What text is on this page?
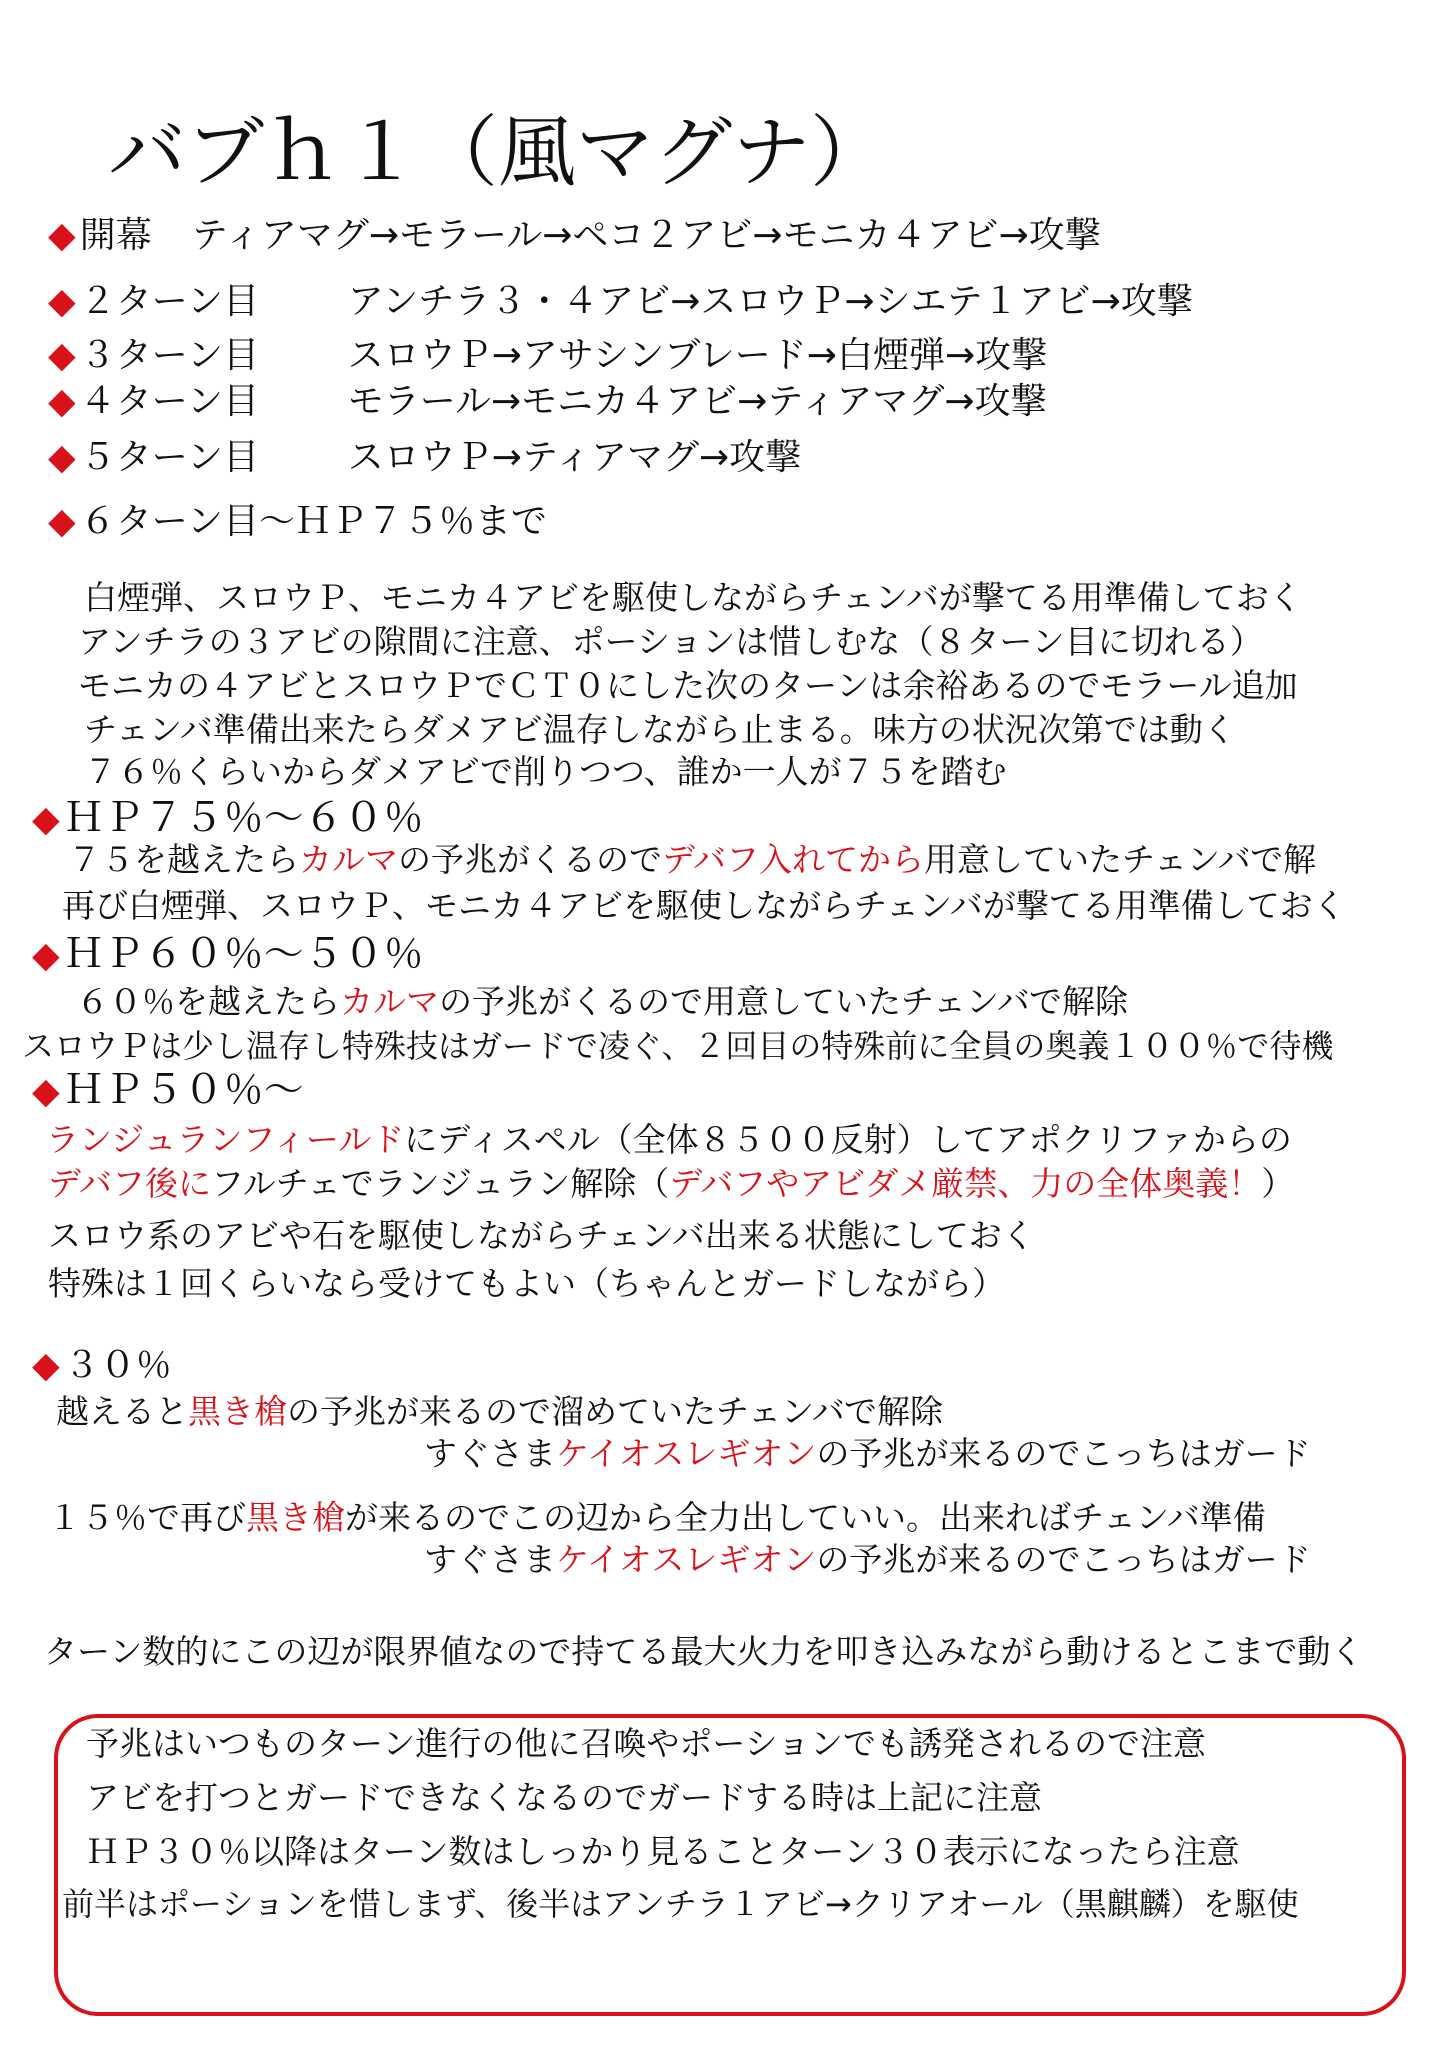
バブｈ１（風マグナ）
◆ 開幕 ティアマグ→モラール→ペコ２アビ→モニカ４アビ→攻撃
◆ ２ターン目 アンチラ３・４アビ→スロウＰ→シエテ１アビ→攻撃
◆ ３ターン目 スロウＰ→アサシンブレード→白煙弾→攻撃
◆ ４ターン目 モラール→モニカ４アビ→ティアマグ→攻撃
◆ ５ターン目 スロウＰ→ティアマグ→攻撃
◆ ６ターン目～ＨＰ７５％まで
白煙弾、スロウＰ、モニカ４アビを駆使しながらチェンバが撃てる用準備しておく
アンチラの３アビの隙間に注意、ポーションは惜しむな（８ターン目に切れる）
モニカの４アビとスロウＰでＣＴ０にした次のターンは余裕あるのでモラール追加
チェンバ準備出来たらダメアビ温存しながら止まる。味方の状況次第では動く
７６％くらいからダメアビで削りつつ、誰か一人が７５を踏む
◆ ＨＰ７５％～６０％
７５を越えたらカルマの予兆がくるのでデバフ入れてから用意していたチェンバで解
再び白煙弾、スロウＰ、モニカ４アビを駆使しながらチェンバが撃てる用準備しておく
◆ ＨＰ６０％～５０％
６０％を越えたらカルマの予兆がくるので用意していたチェンバで解除
スロウＰは少し温存し特殊技はガードで凌ぐ、２回目の特殊前に全員の奥義１００％で待機
◆ ＨＰ５０％～
ランジュランフィールドにディスペル（全体８５００反射）してアポクリファからの
デバフ後にフルチェでランジュラン解除（デバフやアビダメ厳禁、力の全体奥義！）
スロウ系のアビや石を駆使しながらチェンバ出来る状態にしておく
特殊は１回くらいなら受けてもよい（ちゃんとガードしながら）
◆ ３０％
越えると黒き槍の予兆が来るので溜めていたチェンバで解除
すぐさまケイオスレギオンの予兆が来るのでこっちはガード
１５％で再び黒き槍が来るのでこの辺から全力出していい。出来ればチェンバ準備
すぐさまケイオスレギオンの予兆が来るのでこっちはガード
ターン数的にこの辺が限界値なので持てる最大火力を叩き込みながら動けるとこまで動く
予兆はいつものターン進行の他に召喚やポーションでも誘発されるので注意
アビを打つとガードできなくなるのでガードする時は上記に注意
ＨＰ３０％以降はターン数はしっかり見ることターン３０表示になったら注意
前半はポーションを惜しまず、後半はアンチラ１アビ→クリアオール（黒麒麟）を駆使
